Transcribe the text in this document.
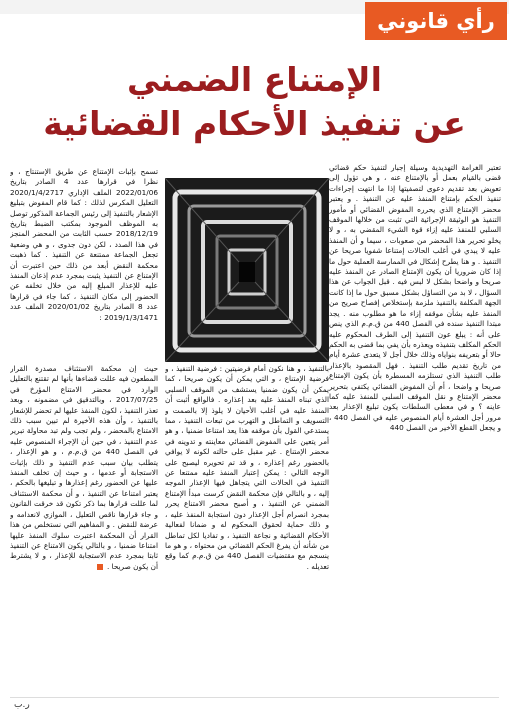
رأي قانوني
الإمتناع الضمني
عن تنفيذ الأحكام القضائية
تعتبر الغرامة التهديدية وسيلة إجبار لتنفيذ حكم قضائي قضى بالقيام بعمل أو بالإمتناع عنه ، و هي تؤول إلى تعويض بعد تقديم دعوى لتصفيتها إذا ما انتهت إجراءات تنفيذ الحكم بإمتناع المنفذ عليه عن التنفيذ . و يعتبر محضر الإمتناع الذي يحرره المفوض القضائي أو مأمور التنفيذ هو الوثيقة الإجرائية التي تثبت من خلالها الموقف السلبي للمنفذ عليه إزاء قوة الشيء المقضي به ، و لا يخلو تحرير هذا المحضر من صعوبات ، سيما و أن المنفذ عليه لا يبدي في أغلب الحالات إمتناعا شفويا صريحا عن التنفيذ . و هنا يطرح إشكال في الممارسة العملية حول ما إذا كان ضروريا أن يكون الإمتناع الصادر عن المنفذ عليه صريحا و واضحا بشكل لا لبس فيه . قبل الجواب عن هذا السؤال ، لا بد من التساؤل بشكل مسبق حول ما إذا كانت الجهة المكلفة بالتنفيذ ملزمة بإستخلاص إفصاح صريح من المنفذ عليه بشأن موقفه إزاء ما هو مطلوب منه . يجد مبتدا التنفيذ سنده في الفصل 440 من ق.م.م الذي ينص على أنه : يبلغ عون التنفيذ إلى الطرف المحكوم عليه الحكم المكلف بتنفيذه ويعذره بأن يفي بما قضى به الحكم حالا أو بتعريفه بنواياه وذلك خلال أجل لا يتعدى عشرة أيام من تاريخ تقديم طلب التنفيذ . فهل المقصود بالإعذار طلب التنفيذ الذي تستلزمه المسطرة بأن يكون الإمتناع صريحا و واضحا ، أم أن المفوض القضائي يكتفي بتحرير محضر الإمتناع و نقل الموقف السلبي للمنفذ عليه كما عاينه ؟ و في معطى السلطات يكون تبليغ الإعذار بعد مرور أجل العشرة أيام المنصوص عليه في الفصل 440 ، و يجعل القطع الأخير من الفصل 440
تسمح بإثبات الإمتناع عن طريق الإستنتاج ، و نظرا في قرارها عدد 4 الصادر بتاريخ 2022/01/06 الملف الإداري 2020/1/4/2717 التعليل المكرس لذلك : كما قام المفوض بتبليغ الإشعار بالتنفيذ إلى رئيس الجماعة المذكور توصل به الموظف الموجود بمكتب الضبط بتاريخ 2018/12/19 حسب الثابت من المحضر المنجز في هذا الصدد ، لكن دون جدوى ، و هي وضعية تجعل الجماعة ممتنعة عن التنفيذ . كما ذهبت محكمة النقض أبعد من ذلك حين اعتبرت أن الإمتناع عن التنفيذ يثبت بمجرد عدم إذعان المنفذ عليه للإعذار المبلغ إليه من خلال تخلفه عن الحضور إلى مكان التنفيذ ، كما جاء في قرارها عدد 8 الصادر بتاريخ 2020/01/02 الملف عدد 2019/1/3/1471 :
بالتنفيذ ، و هنا نكون أمام فرضيتين : فرضية التنفيذ ، و فرضية الإمتناع ، و التي يمكن أن يكون صريحا ، كما يمكن أن يكون ضمنيا يستشف من الموقف السلبي الذي تبناه المنفذ عليه بعد إعذاره . فالواقع أثبت أن المنفذ عليه في أغلب الأحيان لا يلوذ إلا بالصمت و التسويف و التماطل و التهرب من تبعات التنفيذ ، مما يستدعي القول بأن موقفه هذا يعد امتناعا ضمنيا ، و هو أمر يتعين على المفوض القضائي معاينته و تدوينه في محضر الإمتناع . غير مقبل على حالته لكونه لا يوافي بالحضور رغم إعذاره ، و قد تم تحويره ليصبح على الوجه التالي : يمكن إعتبار المنفذ عليه ممتنعا عن التنفيذ في الحالات التي يتجاهل فيها الإعذار الموجه إليه ، و بالتالي فإن محكمة النقض كرست مبدأ الإمتناع الضمني عن التنفيذ ، و أصبح محضر الامتناع يحرر بمجرد انصرام أجل الإعذار دون استجابة المنفذ عليه ، و ذلك حماية لحقوق المحكوم له و ضمانا لفعالية الأحكام القضائية و نجاعة التنفيذ ، و تفاديا لكل تماطل من شأنه أن يفرغ الحكم القضائي من محتواه ، و هو ما ينسجم مع مقتضيات الفصل 440 من ق.م.م كما وقع تعديله .
حيث إن محكمة الاستئناف مصدرة القرار المطعون فيه عللت قضاءها بأنها لم تقتنع بالتعليل الوارد في محضر الامتناع المؤرخ في 2017/07/25 ، وبالتدقيق في مضمونه ، وبعد تعذر التنفيذ ، لكون المنفذ عليها لم تحضر للإشعار بالتنفيذ ، وأن هذه الأخيرة لم تبين سبب ذلك الامتناع بالمحضر ، ولم تجب ولم تبد محاولة تبرير عدم التنفيذ ، في حين أن الإجراء المنصوص عليه في الفصل 440 من ق.م.م ، و هو الإعذار ، يتطلب بيان سبب عدم التنفيذ و ذلك بإثبات الاستجابة أو عدمها ، و حيث إن تخلف المنفذ عليها عن الحضور رغم إعذارها و تبليغها بالحكم ، يعتبر امتناعا عن التنفيذ ، و أن محكمة الاستئناف لما عللت قرارها بما ذكر تكون قد خرقت القانون و جاء قرارها ناقص التعليل ، الموازي لانعدامه و عرضة للنقض . و المفاهيم التي نستخلص من هذا القرار أن المحكمة اعتبرت سلوك المنفذ عليها امتناعا ضمنيا ، و بالتالي يكون الامتناع عن التنفيذ ثابتا بمجرد عدم الاستجابة للإعذار ، و لا يشترط أن يكون صريحا .
ر.ب
